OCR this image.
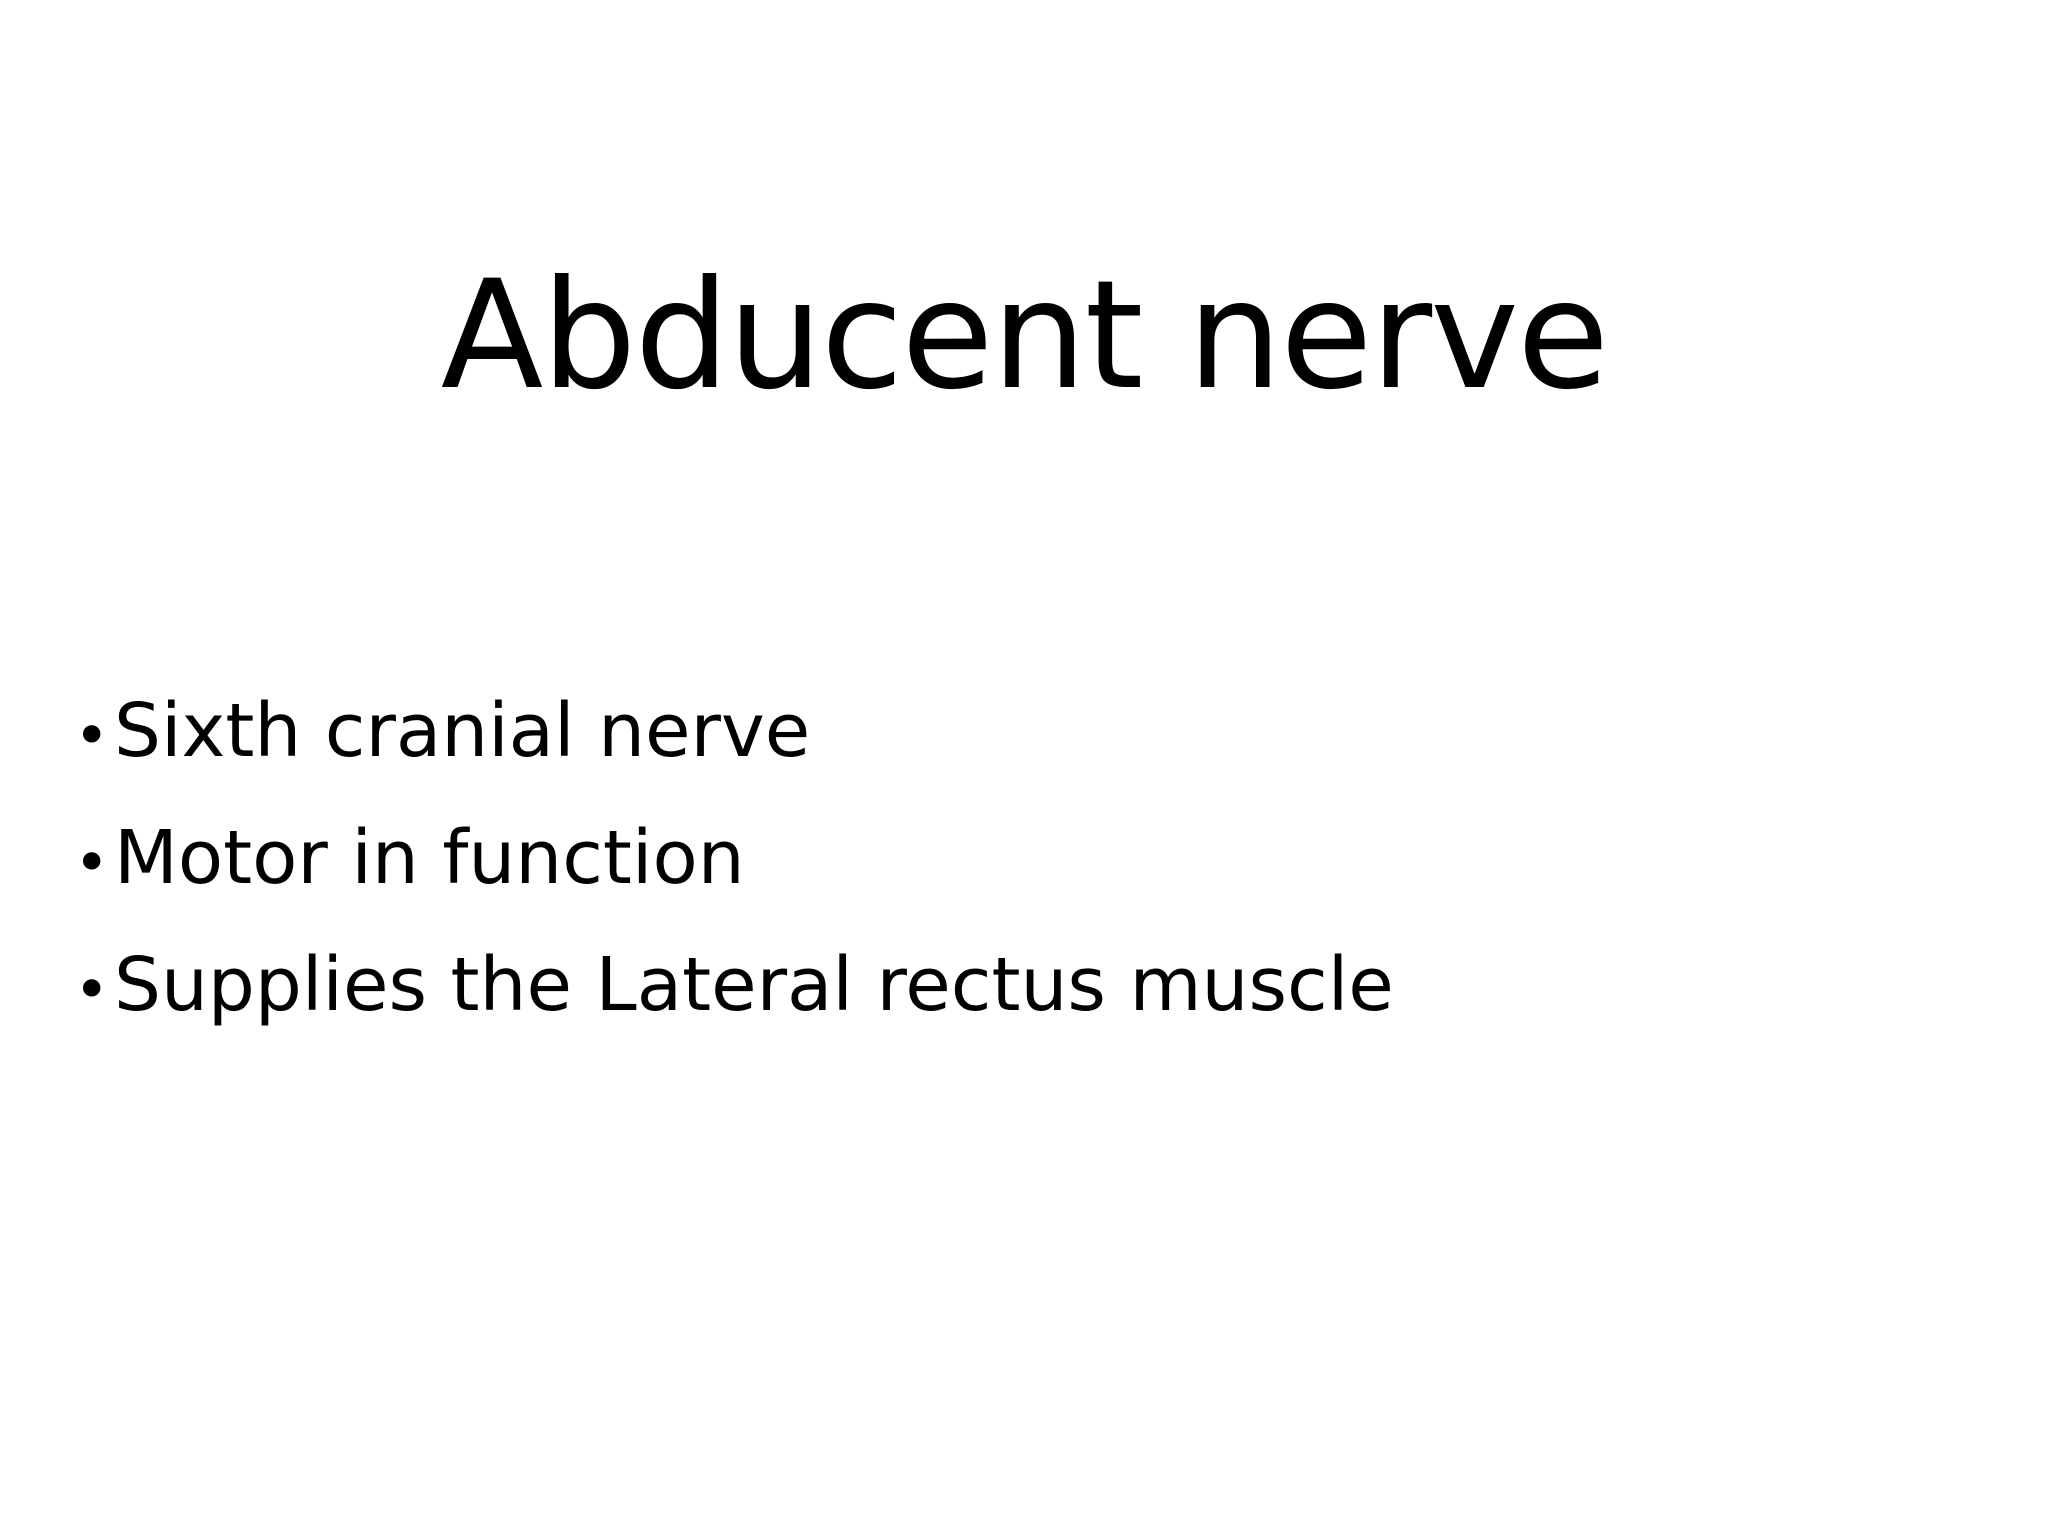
Abducent nerve
• Sixth cranial nerve
• Motor in function
• Supplies the Lateral rectus muscle
